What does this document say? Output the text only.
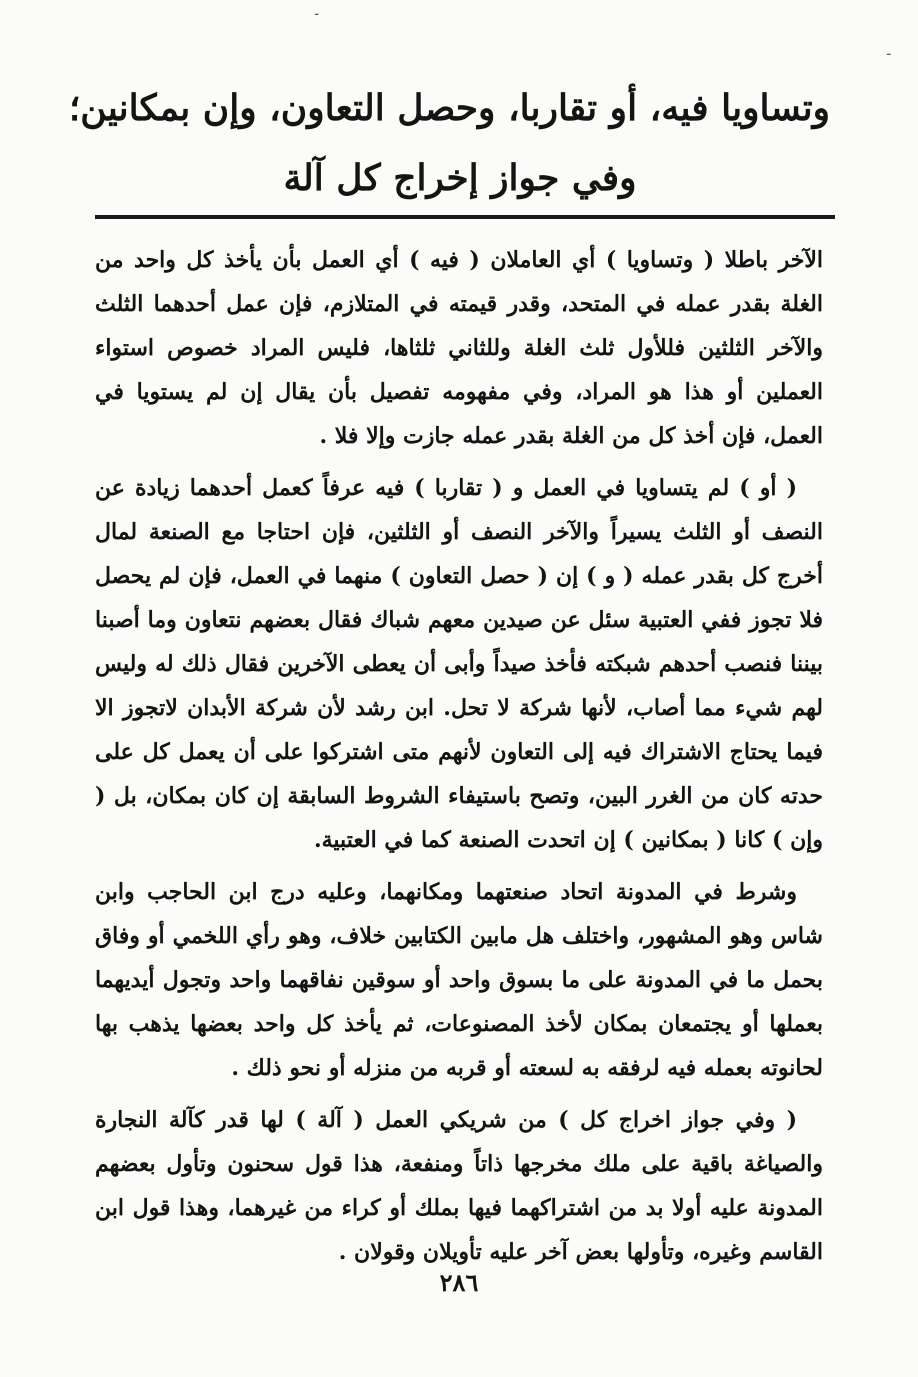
۔
۔
وتساويا فيه، أو تقاربا، وحصل التعاون، وإن بمكانين؛
وفي جواز إخراج كل آلة

الآخر باطلا ( وتساويا ) أي العاملان ( فيه ) أي العمل بأن يأخذ كل واحد من الغلة بقدر عمله في المتحد، وقدر قيمته في المتلازم، فإن عمل أحدهما الثلث والآخر الثلثين فللأول ثلث الغلة وللثاني ثلثاها، فليس المراد خصوص استواء العملين أو هذا هو المراد، وفي مفهومه تفصيل بأن يقال إن لم يستويا في العمل، فإن أخذ كل من الغلة بقدر عمله جازت وإلا فلا .

( أو ) لم يتساويا في العمل و ( تقاربا ) فيه عرفاً كعمل أحدهما زيادة عن النصف أو الثلث يسيراً والآخر النصف أو الثلثين، فإن احتاجا مع الصنعة لمال أخرج كل بقدر عمله ( و ) إن ( حصل التعاون ) منهما في العمل، فإن لم يحصل فلا تجوز ففي العتبية سئل عن صيدين معهم شباك فقال بعضهم نتعاون وما أصبنا بيننا فنصب أحدهم شبكته فأخذ صيداً وأبى أن يعطى الآخرين فقال ذلك له وليس لهم شيء مما أصاب، لأنها شركة لا تحل. ابن رشد لأن شركة الأبدان لاتجوز الا فيما يحتاج الاشتراك فيه إلى التعاون لأنهم متى اشتركوا على أن يعمل كل على حدته كان من الغرر البين، وتصح باستيفاء الشروط السابقة إن كان بمكان، بل ( وإن ) كانا ( بمكانين ) إن اتحدت الصنعة كما في العتبية.

وشرط في المدونة اتحاد صنعتهما ومكانهما، وعليه درج ابن الحاجب وابن شاس وهو المشهور، واختلف هل مابين الكتابين خلاف، وهو رأي اللخمي أو وفاق بحمل ما في المدونة على ما بسوق واحد أو سوقين نفاقهما واحد وتجول أيديهما بعملها أو يجتمعان بمكان لأخذ المصنوعات، ثم يأخذ كل واحد بعضها يذهب بها لحانوته بعمله فيه لرفقه به لسعته أو قربه من منزله أو نحو ذلك .

( وفي جواز اخراج كل ) من شريكي العمل ( آلة ) لها قدر كآلة النجارة والصياغة باقية على ملك مخرجها ذاتاً ومنفعة، هذا قول سحنون وتأول بعضهم المدونة عليه أولا بد من اشتراكهما فيها بملك أو كراء من غيرهما، وهذا قول ابن القاسم وغيره، وتأولها بعض آخر عليه تأويلان وقولان .

٢٨٦
